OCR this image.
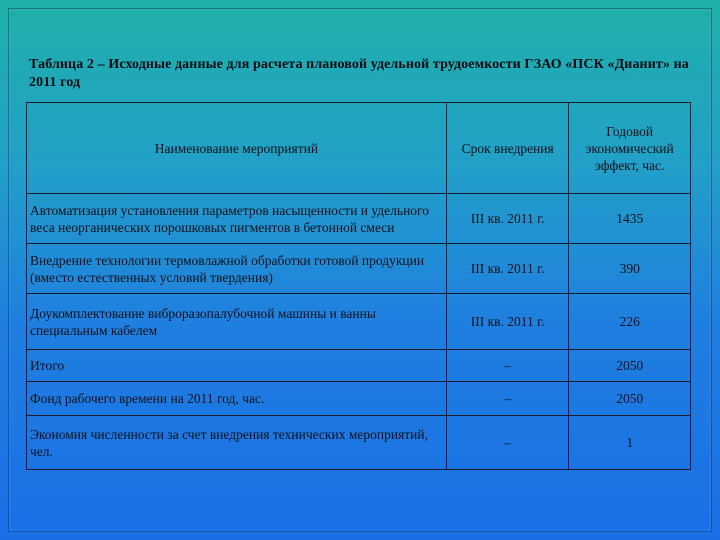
Таблица 2 – Исходные данные для расчета плановой удельной трудоемкости ГЗАО «ПСК «Дианит» на 2011 год
Наименование мероприятий	Срок внедрения	Годовой экономический эффект, час.
Автоматизация установления параметров насыщенности и удельного веса неорганических порошковых пигментов в бетонной смеси	III кв. 2011 г.	1435
Внедрение технологии термовлажной обработки готовой продукции (вместо естественных условий твердения)	III кв. 2011 г.	390
Доукомплектование виброразопалубочной машины и ванны специальным кабелем	III кв. 2011 г.	226
Итого	–	2050
Фонд рабочего времени на 2011 год, час.	–	2050
Экономия численности за счет внедрения технических мероприятий, чел.	–	1
